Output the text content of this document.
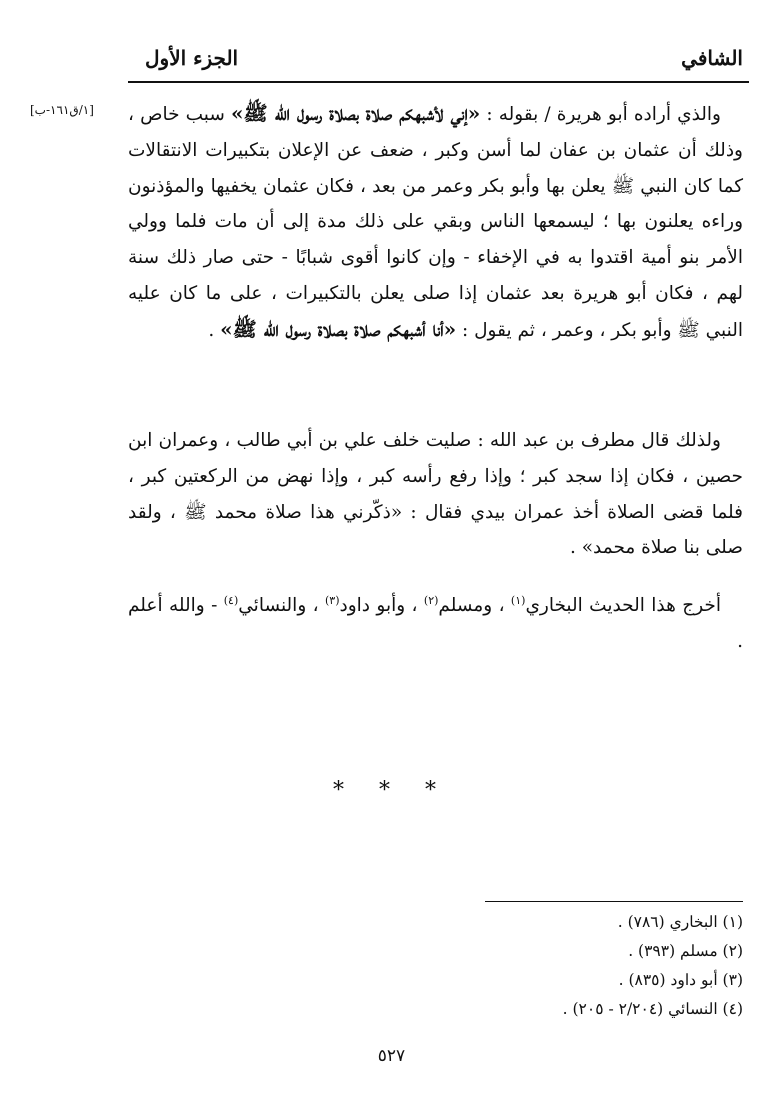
الشافي
الجزء الأول
[١/ق١٦١-ب]	والذي أراده أبو هريرة / بقوله : «إني لأشبهكم صلاة بصلاة رسول الله ﷺ» سبب خاص ، وذلك أن عثمان بن عفان لما أسن وكبر ، ضعف عن الإعلان بتكبيرات الانتقالات كما كان النبي ﷺ يعلن بها وأبو بكر وعمر من بعد ، فكان عثمان يخفيها والمؤذنون وراءه يعلنون بها ؛ ليسمعها الناس وبقي على ذلك مدة إلى أن مات فلما وولي الأمر بنو أمية اقتدوا به في الإخفاء - وإن كانوا أقوى شبابًا - حتى صار ذلك سنة لهم ، فكان أبو هريرة بعد عثمان إذا صلى يعلن بالتكبيرات ، على ما كان عليه النبي ﷺ وأبو بكر ، وعمر ، ثم يقول : «أنا أشبهكم صلاة بصلاة رسول الله ﷺ» .

ولذلك قال مطرف بن عبد الله : صليت خلف علي بن أبي طالب ، وعمران ابن حصين ، فكان إذا سجد كبر ؛ وإذا رفع رأسه كبر ، وإذا نهض من الركعتين كبر ، فلما قضى الصلاة أخذ عمران بيدي فقال : «ذكّرني هذا صلاة محمد ﷺ ، ولقد صلى بنا صلاة محمد» .

أخرج هذا الحديث البخاري$^{(١)}$ ، ومسلم$^{(٢)}$ ، وأبو داود$^{(٣)}$ ، والنسائي$^{(٤)}$ - والله أعلم .

* * *
(١) البخاري (٧٨٦) .
(٢) مسلم (٣٩٣) .
(٣) أبو داود (٨٣٥) .
(٤) النسائي (٢/٢٠٤ - ٢٠٥) .
٥٢٧
